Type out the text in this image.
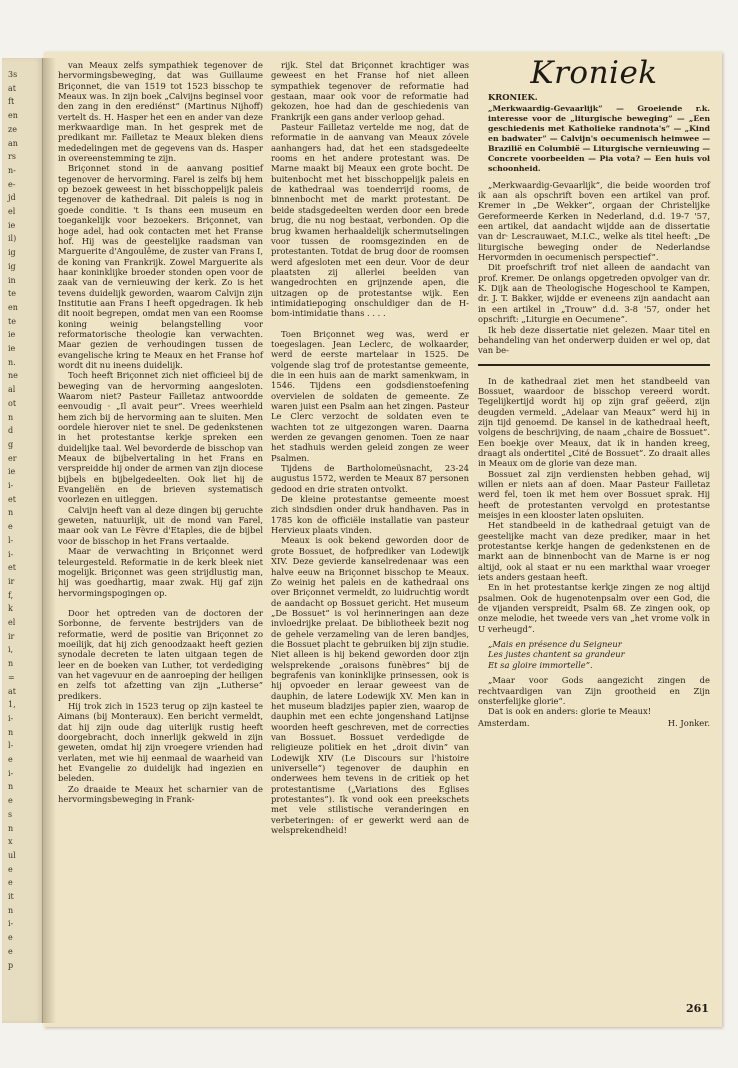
3s
at
ft
en
ze
an
rs
n-
e-
jd
el
ie
il)
ig
ig
in
te
en
te
ie
ie
n.
ne
al
ot
n
d
g
er
ie
i-
et
n
e
l-
i-
et
ir
f,
k
el
ir
i,
n
=
at
1,
i-
n
l-
e
i-
n
e
s
n
x
ul
e
e
it
n
i-
e
e
p

van Meaux zelfs sympathiek tegenover de hervormingsbeweging, dat was Guillaume Briçonnet, die van 1519 tot 1523 bisschop te Meaux was. In zijn boek „Calvijns beginsel voor den zang in den erediénst” (Martinus Nijhoff) vertelt ds. H. Hasper het een en ander van deze merkwaardige man. In het gesprek met de predikant mr. Failletaz te Meaux bleken diens mededelingen met de gegevens van ds. Hasper in overeenstemming te zijn.

Briçonnet stond in de aanvang positief tegenover de hervorming. Farel is zelfs bij hem op bezoek geweest in het bisschoppelijk paleis tegenover de kathedraal. Dit paleis is nog in goede conditie. 't Is thans een museum en toegankelijk voor bezoekers. Briçonnet, van hoge adel, had ook contacten met het Franse hof. Hij was de geestelijke raadsman van Marguerite d'Angoulême, de zuster van Frans I, de koning van Frankrijk. Zowel Marguerite als haar koninklijke broeder stonden open voor de zaak van de vernieuwing der kerk. Zo is het tevens duidelijk geworden, waarom Calvijn zijn Institutie aan Frans I heeft opgedragen. Ik heb dit nooit begrepen, omdat men van een Roomse koning weinig belangstelling voor reformatorische theologie kan verwachten. Maar gezien de verhoudingen tussen de evangelische kring te Meaux en het Franse hof wordt dit nu ineens duidelijk.

Toch heeft Briçonnet zich niet officieel bij de beweging van de hervorming aangesloten. Waarom niet? Pasteur Failletaz antwoordde eenvoudig · „Il avait peur”. Vrees weerhield hem zich bij de hervorming aan te sluiten. Men oordele hierover niet te snel. De gedenkstenen in het protestantse kerkje spreken een duidelijke taal. Wel bevorderde de bisschop van Meaux de bijbelvertaling in het Frans en verspreidde hij onder de armen van zijn diocese bijbels en bijbelgedeelten. Ook liet hij de Evangeliën en de brieven systematisch voorlezen en uitleggen.

Calvijn heeft van al deze dingen bij geruchte geweten, natuurlijk, uit de mond van Farel, maar ook van Le Fèvre d'Etaples, die de bijbel voor de bisschop in het Frans vertaalde.

Maar de verwachting in Briçonnet werd teleurgesteld. Reformatie in de kerk bleek niet mogelijk. Briçonnet was geen strijdlustig man, hij was goedhartig, maar zwak. Hij gaf zijn hervormingspogingen op.

Door het optreden van de doctoren der Sorbonne, de fervente bestrijders van de reformatie, werd de positie van Briçonnet zo moeilijk, dat hij zich genoodzaakt heeft gezien synodale decreten te laten uitgaan tegen de leer en de boeken van Luther, tot verdediging van het vagevuur en de aanroeping der heiligen en zelfs tot afzetting van zijn „Lutherse” predikers.

Hij trok zich in 1523 terug op zijn kasteel te Aimans (bij Monteraux). Een bericht vermeldt, dat hij zijn oude dag uiterlijk rustig heeft doorgebracht, doch innerlijk gekweld in zijn geweten, omdat hij zijn vroegere vrienden had verlaten, met wie hij eenmaal de waarheid van het Evangelie zo duidelijk had ingezien en beleden.

Zo draaide te Meaux het scharnier van de hervormingsbeweging in Frank-

rijk. Stel dat Briçonnet krachtiger was geweest en het Franse hof niet alleen sympathiek tegenover de reformatie had gestaan, maar ook voor de reformatie had gekozen, hoe had dan de geschiedenis van Frankrijk een gans ander verloop gehad.

Pasteur Failletaz vertelde me nog, dat de reformatie in de aanvang van Meaux zóvele aanhangers had, dat het een stadsgedeelte rooms en het andere protestant was. De Marne maakt bij Meaux een grote bocht. De buitenbocht met het bisschoppelijk paleis en de kathedraal was toenderrijd rooms, de binnenbocht met de markt protestant. De beide stadsgedeelten werden door een brede brug, die nu nog bestaat, verbonden. Op die brug kwamen herhaaldelijk schermutselingen voor tussen de roomsgezinden en de protestanten. Totdat de brug door de roomsen werd afgesloten met een deur. Voor de deur plaatsten zij allerlei beelden van wangedrochten en grijnzende apen, die uitzagen op de protestantse wijk. Een intimidatiepoging onschuldiger dan de H-bom-intimidatie thans . . . .

Toen Briçonnet weg was, werd er toegeslagen. Jean Leclerc, de wolkaarder, werd de eerste martelaar in 1525. De volgende slag trof de protestantse gemeente, die in een huis aan de markt samenkwam, in 1546. Tijdens een godsdienstoefening overvielen de soldaten de gemeente. Ze waren juist een Psalm aan het zingen. Pasteur Le Clerc verzocht de soldaten even te wachten tot ze uitgezongen waren. Daarna werden ze gevangen genomen. Toen ze naar het stadhuis werden geleid zongen ze weer Psalmen.

Tijdens de Bartholomeüsnacht, 23-24 augustus 1572, werden te Meaux 87 personen gedood en drie straten ontvolkt.

De kleine protestantse gemeente moest zich sindsdien onder druk handhaven. Pas in 1785 kon de officiële installatie van pasteur Hervieux plaats vinden.

Meaux is ook bekend geworden door de grote Bossuet, de hofprediker van Lodewijk XIV. Deze gevierde kanselredenaar was een halve eeuw na Briçonnet bisschop te Meaux. Zo weinig het paleis en de kathedraal ons over Briçonnet vermeldt, zo luidruchtig wordt de aandacht op Bossuet gericht. Het museum „De Bossuet” is vol herinneringen aan deze invloedrijke prelaat. De bibliotheek bezit nog de gehele verzameling van de leren bandjes, die Bossuet placht te gebruiken bij zijn studie. Niet alleen is hij bekend geworden door zijn welsprekende „oraisons funèbres” bij de begrafenis van koninklijke prinsessen, ook is hij opvoeder en leraar geweest van de dauphin, de latere Lodewijk XV. Men kan in het museum bladzijes papier zien, waarop de dauphin met een echte jongenshand Latijnse woorden heeft geschreven, met de correcties van Bossuet. Bossuet verdedigde de religieuze politiek en het „droit divin” van Lodewijk XIV (Le Discours sur l'histoire universelle”) tegenover de dauphin en onderwees hem tevens in de critiek op het protestantisme („Variations des Eglises protestantes”). Ik vond ook een preekschets met vele stilistische veranderingen en verbeteringen: of er gewerkt werd aan de welsprekendheid!

Kroniek

KRONIEK.

„Merkwaardig-Gevaarlijk” — Groeiende r.k. interesse voor de „liturgische beweging” — „Een geschiedenis met Katholieke randnota's” — „Kind en badwater” — Calvijn's oecumenisch heimwee — Brazilië en Columbië — Liturgische vernieuwing — Concrete voorbeelden — Pia vota? — Een huis vol schoonheid.

„Merkwaardig-Gevaarlijk”, die beide woorden trof ik aan als opschrift boven een artikel van prof. Kremer in „De Wekker”, orgaan der Christelijke Gereformeerde Kerken in Nederland, d.d. 19-7 '57, een artikel, dat aandacht wijdde aan de dissertatie van dr· Lescrauwaet, M.I.C., welke als titel heeft: „De liturgische beweging onder de Nederlandse Hervormden in oecumenisch perspectief”.

Dit proefschrift trof niet alleen de aandacht van prof. Kremer. De onlangs opgetreden opvolger van dr. K. Dijk aan de Theologische Hogeschool te Kampen, dr. J. T. Bakker, wijdde er eveneens zijn aandacht aan in een artikel in „Trouw” d.d. 3-8 '57, onder het opschrift: „Liturgie en Oecumene”.

Ik heb deze dissertatie niet gelezen. Maar titel en behandeling van het onderwerp duiden er wel op, dat van be-

In de kathedraal ziet men het standbeeld van Bossuet, waardoor de bisschop vereerd wordt. Tegelijkertijd wordt hij op zijn graf geëerd, zijn deugden vermeld. „Adelaar van Meaux” werd hij in zijn tijd genoemd. De kansel in de kathedraal heeft, volgens de beschrijving, de naam „chaire de Bossuet”. Een boekje over Meaux, dat ik in handen kreeg, draagt als ondertitel „Cité de Bossuet”. Zo draait alles in Meaux om de glorie van deze man.

Bossuet zal zijn verdiensten hebben gehad, wij willen er niets aan af doen. Maar Pasteur Failletaz werd fel, toen ik met hem over Bossuet sprak. Hij heeft de protestanten vervolgd en protestantse meisjes in een klooster laten opsluiten.

Het standbeeld in de kathedraal getuigt van de geestelijke macht van deze prediker, maar in het protestantse kerkje hangen de gedenkstenen en de markt aan de binnenbocht van de Marne is er nog altijd, ook al staat er nu een markthal waar vroeger iets anders gestaan heeft.

En in het protestantse kerkje zingen ze nog altijd psalmen. Ook de hugenotenpsalm over een God, die de vijanden verspreidt, Psalm 68. Ze zingen ook, op onze melodie, het tweede vers van „het vrome volk in U verheugd”.

„Mais en présence du Seigneur
Les justes chantent sa grandeur
Et sa gloire immortelle”.

„Maar voor Gods aangezicht zingen de rechtvaardigen van Zijn grootheid en Zijn onsterfelijke glorie”.

Dat is ook en anders: glorie te Meaux!

Amsterdam.	H. Jonker.
261
